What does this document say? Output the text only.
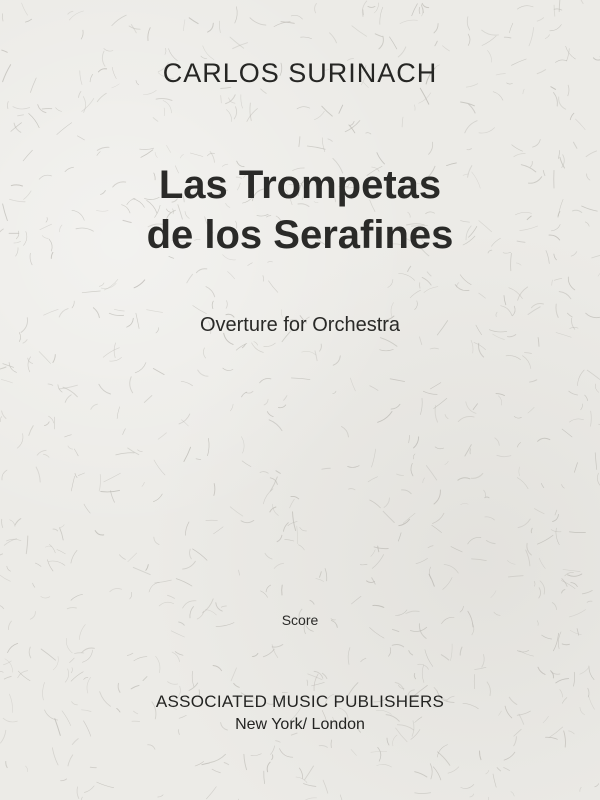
CARLOS SURINACH

Las Trompetas
de los Serafines

Overture for Orchestra

Score

ASSOCIATED MUSIC PUBLISHERS

New York/ London
